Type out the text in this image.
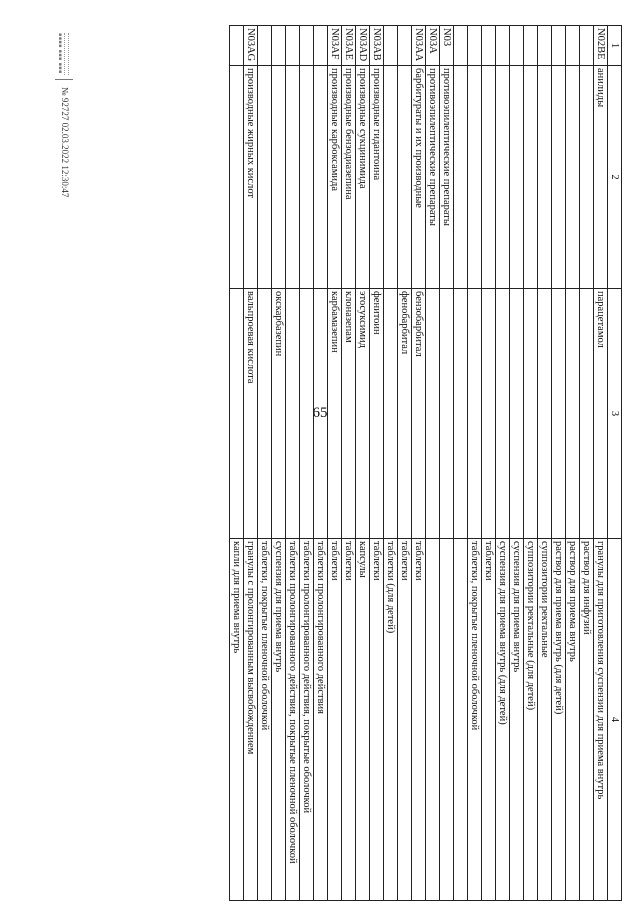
65
1	2	3	4
N02BE	анилиды	парацетамол	гранулы для приготовления суспензии для приема внутрь
			раствор для инфузий
			раствор для приема внутрь
			раствор для приема внутрь (для детей)
			суппозитории ректальные
			суппозитории ректальные (для детей)
			суспензия для приема внутрь
			суспензия для приема внутрь (для детей)
			таблетки
			таблетки, покрытые пленочной оболочкой

N03	противоэпилептические препараты		
N03A	противоэпилептические препараты		
N03AA	барбитураты и их производные	бензобарбитал	таблетки
		фенобарбитал	таблетки
			таблетки (для детей)
N03AB	производные гидантоина	фенитоин	таблетки
N03AD	производные сукцинимида	этосуксимид	капсулы
N03AE	производные бензодиазепина	клоназепам	таблетки
N03AF	производные карбоксамида	карбамазепин	таблетки
			таблетки пролонгированного действия
			таблетки пролонгированного действия, покрытые оболочкой
			таблетки пролонгированного действия, покрытые пленочной оболочкой
		окскарбазепин	суспензия для приема внутрь
			таблетки, покрытые пленочной оболочкой
N03AG	производные жирных кислот	вальпроевая кислота	гранулы с пролонгированным высвобождением
			капли для приема внутрь
▪▪▪▪ ▪▪▪ ▪▪▪
№ 92727 02.03.2022 12:30:47
